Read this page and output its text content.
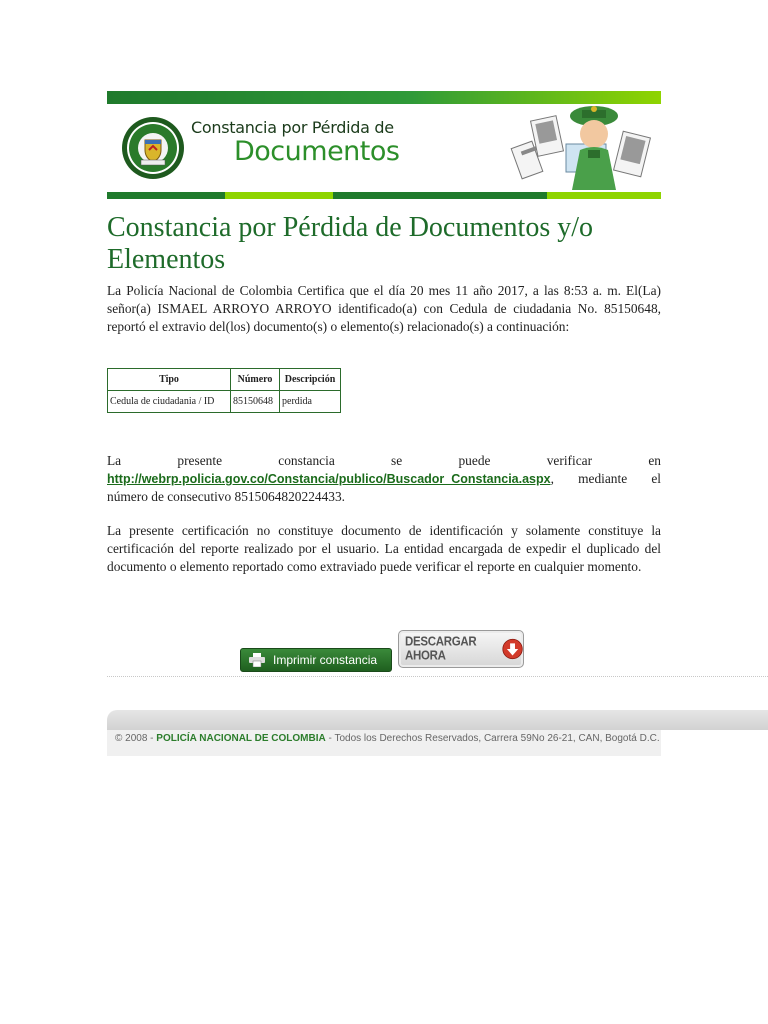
Constancia por Pérdida de
Documentos
Constancia por Pérdida de Documentos y/o Elementos

La Policía Nacional de Colombia Certifica que el día 20 mes 11 año 2017, a las 8:53 a. m. El(La) señor(a) ISMAEL ARROYO ARROYO identificado(a) con Cedula de ciudadania No. 85150648, reportó el extravio del(los) documento(s) o elemento(s) relacionado(s) a continuación:

Tipo	Número	Descripción
Cedula de ciudadania / ID	85150648	perdida

La presente constancia se puede verificar en http://webrp.policia.gov.co/Constancia/publico/Buscador_Constancia.aspx, mediante el número de consecutivo 8515064820224433.

La presente certificación no constituye documento de identificación y solamente constituye la certificación del reporte realizado por el usuario. La entidad encargada de expedir el duplicado del documento o elemento reportado como extraviado puede verificar el reporte en cualquier momento.

Imprimir constancia
DESCARGAR AHORA
© 2008 - POLICÍA NACIONAL DE COLOMBIA - Todos los Derechos Reservados, Carrera 59No 26-21, CAN, Bogotá D.C.
